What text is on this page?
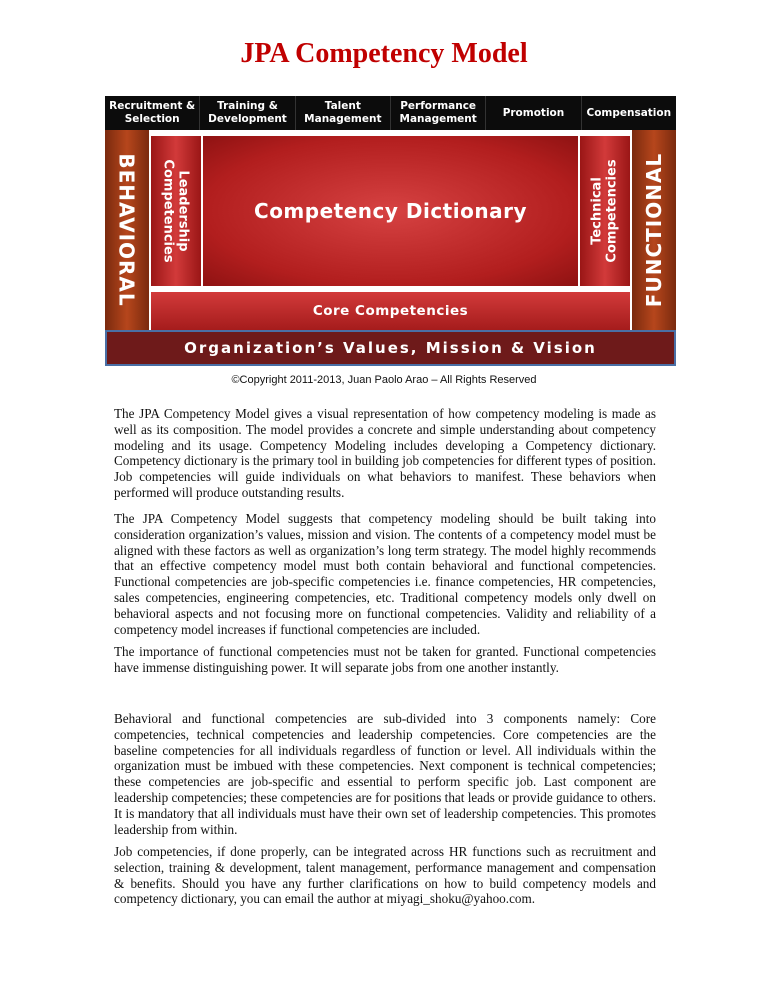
JPA Competency Model
Recruitment & Selection
Training & Development
Talent Management
Performance Management
Promotion	Compensation
BEHAVIORAL	FUNCTIONAL
Leadership Competencies	Technical Competencies
Competency Dictionary
Core Competencies
Organization’s Values, Mission & Vision
©Copyright 2011-2013, Juan Paolo Arao – All Rights Reserved

The JPA Competency Model gives a visual representation of how competency modeling is made as well as its composition. The model provides a concrete and simple understanding about competency modeling and its usage. Competency Modeling includes developing a Competency dictionary. Competency dictionary is the primary tool in building job competencies for different types of position. Job competencies will guide individuals on what behaviors to manifest. These behaviors when performed will produce outstanding results.

The JPA Competency Model suggests that competency modeling should be built taking into consideration organization’s values, mission and vision. The contents of a competency model must be aligned with these factors as well as organization’s long term strategy. The model highly recommends that an effective competency model must both contain behavioral and functional competencies. Functional competencies are job-specific competencies i.e. finance competencies, HR competencies, sales competencies, engineering competencies, etc. Traditional competency models only dwell on behavioral aspects and not focusing more on functional competencies. Validity and reliability of a competency model increases if functional competencies are included.

The importance of functional competencies must not be taken for granted. Functional competencies have immense distinguishing power. It will separate jobs from one another instantly.

Behavioral and functional competencies are sub-divided into 3 components namely: Core competencies, technical competencies and leadership competencies. Core competencies are the baseline competencies for all individuals regardless of function or level. All individuals within the organization must be imbued with these competencies. Next component is technical competencies; these competencies are job-specific and essential to perform specific job. Last component are leadership competencies; these competencies are for positions that leads or provide guidance to others. It is mandatory that all individuals must have their own set of leadership competencies. This promotes leadership from within.

Job competencies, if done properly, can be integrated across HR functions such as recruitment and selection, training & development, talent management, performance management and compensation & benefits. Should you have any further clarifications on how to build competency models and competency dictionary, you can email the author at miyagi_shoku@yahoo.com.
